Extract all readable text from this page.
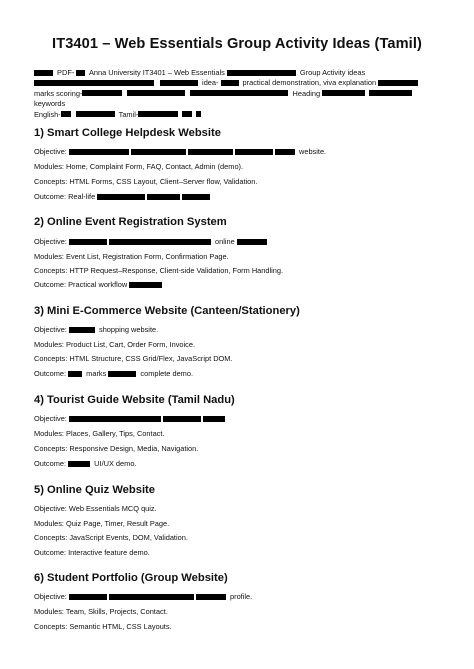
IT3401 – Web Essentials Group Activity Ideas (Tamil)
PDF- Anna University IT3401 – Web Essentials	Group Activity ideas
idea-	practical demonstration, viva explanation
marks scoring-	Heading  keywords
English-	Tamil-
1) Smart College Helpdesk Website
Objective:	website.
Modules: Home, Complaint Form, FAQ, Contact, Admin (demo).
Concepts: HTML Forms, CSS Layout, Client–Server flow, Validation.
Outcome: Real-life
2) Online Event Registration System
Objective:	online
Modules: Event List, Registration Form, Confirmation Page.
Concepts: HTTP Request–Response, Client-side Validation, Form Handling.
Outcome: Practical workflow
3) Mini E-Commerce Website (Canteen/Stationery)
Objective:	shopping website.
Modules: Product List, Cart, Order Form, Invoice.
Concepts: HTML Structure, CSS Grid/Flex, JavaScript DOM.
Outcome:	marks	complete demo.
4) Tourist Guide Website (Tamil Nadu)
Objective:
Modules: Places, Gallery, Tips, Contact.
Concepts: Responsive Design, Media, Navigation.
Outcome:	UI/UX demo.
5) Online Quiz Website
Objective: Web Essentials MCQ quiz.
Modules: Quiz Page, Timer, Result Page.
Concepts: JavaScript Events, DOM, Validation.
Outcome: Interactive feature demo.
6) Student Portfolio (Group Website)
Objective:	profile.
Modules: Team, Skills, Projects, Contact.
Concepts: Semantic HTML, CSS Layouts.
